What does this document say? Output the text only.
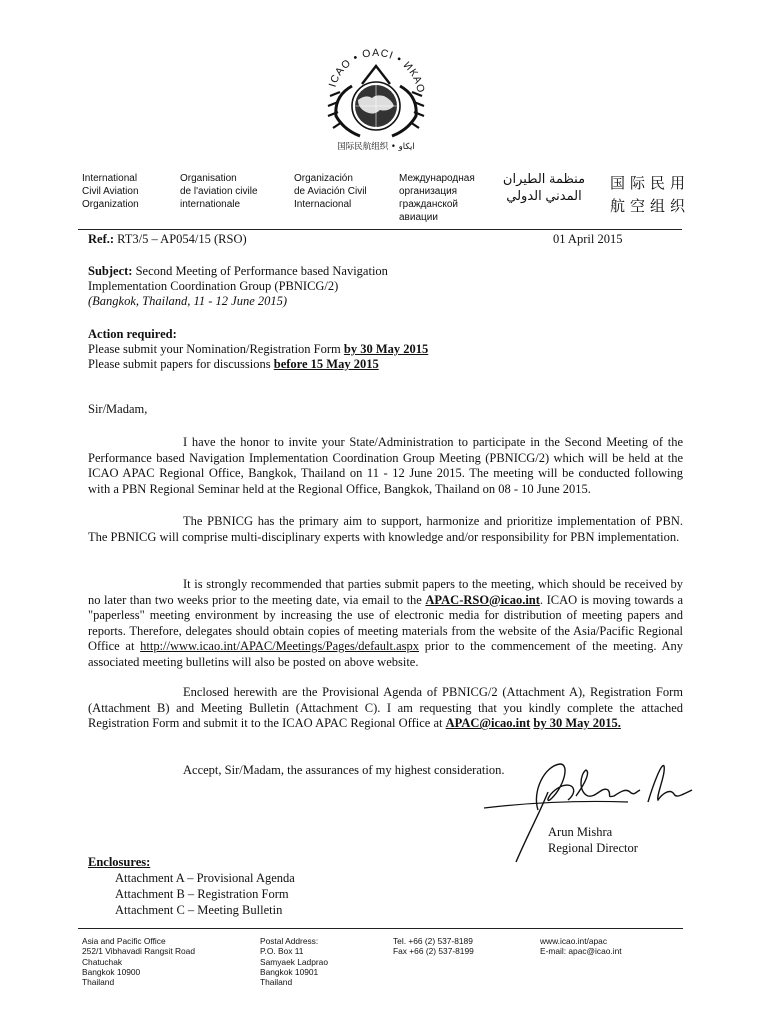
ICAO • OACI • ИКАО
国际民航组织 • ايكاو
International
Civil Aviation
Organization
Organisation
de l'aviation civile
internationale
Organización
de Aviación Civil
Internacional
Международная
организация
гражданской
авиации
منظمة الطيران
المدني الدولي
国际民用
航空组织
Ref.: RT3/5 – AP054/15 (RSO)	01 April 2015
Subject: Second Meeting of Performance based Navigation
Implementation Coordination Group (PBNICG/2)
(Bangkok, Thailand, 11 - 12 June 2015)
Action required:
Please submit your Nomination/Registration Form by 30 May 2015
Please submit papers for discussions before 15 May 2015
Sir/Madam,
I have the honor to invite your State/Administration to participate in the Second Meeting of the Performance based Navigation Implementation Coordination Group Meeting (PBNICG/2) which will be held at the ICAO APAC Regional Office, Bangkok, Thailand on 11 - 12 June 2015. The meeting will be conducted following with a PBN Regional Seminar held at the Regional Office, Bangkok, Thailand on 08 - 10 June 2015.
The PBNICG has the primary aim to support, harmonize and prioritize implementation of PBN. The PBNICG will comprise multi-disciplinary experts with knowledge and/or responsibility for PBN implementation.
It is strongly recommended that parties submit papers to the meeting, which should be received by no later than two weeks prior to the meeting date, via email to the APAC-RSO@icao.int. ICAO is moving towards a "paperless" meeting environment by increasing the use of electronic media for distribution of meeting papers and reports. Therefore, delegates should obtain copies of meeting materials from the website of the Asia/Pacific Regional Office at http://www.icao.int/APAC/Meetings/Pages/default.aspx prior to the commencement of the meeting. Any associated meeting bulletins will also be posted on above website.
Enclosed herewith are the Provisional Agenda of PBNICG/2 (Attachment A), Registration Form (Attachment B) and Meeting Bulletin (Attachment C). I am requesting that you kindly complete the attached Registration Form and submit it to the ICAO APAC Regional Office at APAC@icao.int by 30 May 2015.
Accept, Sir/Madam, the assurances of my highest consideration.
Arun Mishra
Regional Director
Enclosures:
Attachment A – Provisional Agenda
Attachment B – Registration Form
Attachment C – Meeting Bulletin
Asia and Pacific Office
252/1 Vibhavadi Rangsit Road
Chatuchak
Bangkok 10900
Thailand
Postal Address:
P.O. Box 11
Samyaek Ladprao
Bangkok 10901
Thailand
Tel. +66 (2) 537-8189
Fax +66 (2) 537-8199
www.icao.int/apac
E-mail: apac@icao.int
